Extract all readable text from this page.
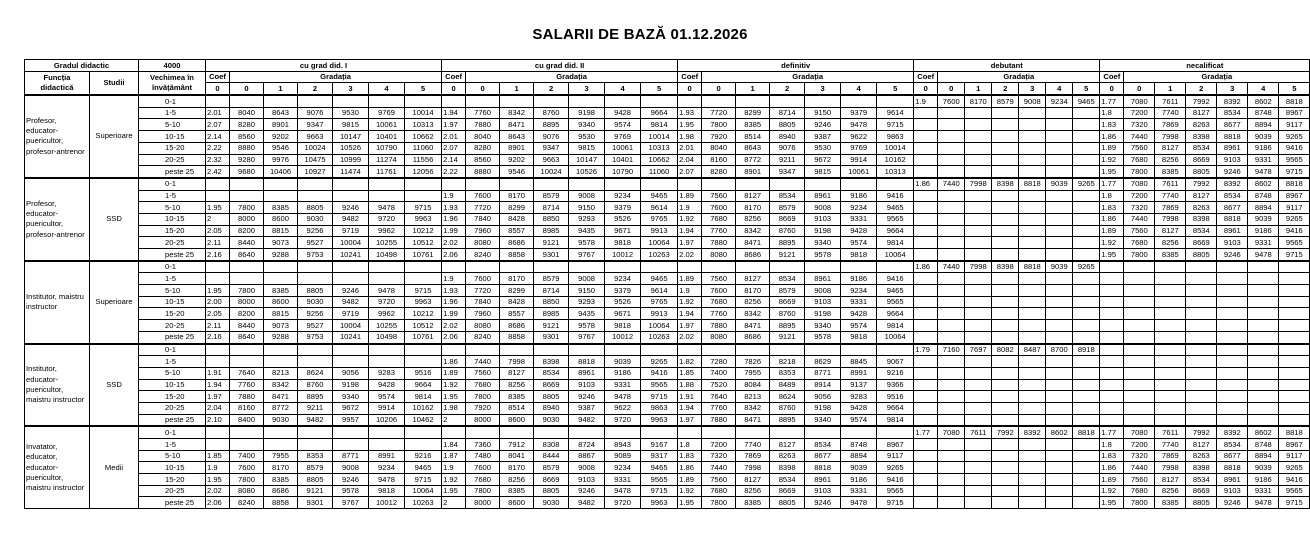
SALARII DE BAZĂ 01.12.2026
Gradul didactic		4000	cu grad did. I							cu grad did. II							definitiv							debutant							necalificat						
Funcția didactică	Studii	Vechimea în învățământ	Coef	Gradația						Coef	Gradația						Coef	Gradația						Coef	Gradația						Coef	Gradația					
			0	0	1	2	3	4	5	0	0	1	2	3	4	5	0	0	1	2	3	4	5	0	0	1	2	3	4	5	0	0	1	2	3	4	5
Profesor, educator-puericultor, profesor-antrenor	Superioare	0-1																						1.9	7600	8170	8579	9008	9234	9465	1.77	7080	7611	7992	8392	8602	8818
		1-5	2.01	8040	8643	9076	9530	9769	10014	1.94	7760	8342	8760	9198	9428	9664	1.93	7720	8299	8714	9150	9379	9614								1.8	7200	7740	8127	8534	8748	8967
		5-10	2.07	8280	8901	9347	9815	10061	10313	1.97	7880	8471	8895	9340	9574	9814	1.95	7800	8385	8805	9246	9478	9715								1.83	7320	7869	8263	8677	8894	9117
		10-15	2.14	8560	9202	9663	10147	10401	10662	2.01	8040	8643	9076	9530	9769	10014	1.98	7920	8514	8940	9387	9622	9863								1.86	7440	7998	8398	8818	9039	9265
		15-20	2.22	8880	9546	10024	10526	10790	11060	2.07	8280	8901	9347	9815	10061	10313	2.01	8040	8643	9076	9530	9769	10014								1.89	7560	8127	8534	8961	9186	9416
		20-25	2.32	9280	9976	10475	10999	11274	11556	2.14	8560	9202	9663	10147	10401	10662	2.04	8160	8772	9211	9672	9914	10162								1.92	7680	8256	8669	9103	9331	9565
		peste 25	2.42	9680	10406	10927	11474	11761	12056	2.22	8880	9546	10024	10526	10790	11060	2.07	8280	8901	9347	9815	10061	10313								1.95	7800	8385	8805	9246	9478	9715
Profesor, educator-puericultor, profesor-antrenor	SSD	0-1																						1.86	7440	7998	8398	8818	9039	9265	1.77	7080	7611	7992	8392	8602	8818
		1-5								1.9	7600	8170	8579	9008	9234	9465	1.89	7560	8127	8534	8961	9186	9416								1.8	7200	7740	8127	8534	8748	8967
		5-10	1.95	7800	8385	8805	9246	9478	9715	1.93	7720	8299	8714	9150	9379	9614	1.9	7600	8170	8579	9008	9234	9465								1.83	7320	7869	8263	8677	8894	9117
		10-15	2	8000	8600	9030	9482	9720	9963	1.96	7840	8428	8850	9293	9526	9765	1.92	7680	8256	8669	9103	9331	9565								1.86	7440	7998	8398	8818	9039	9265
		15-20	2.05	8200	8815	9256	9719	9962	10212	1.99	7960	8557	8985	9435	9671	9913	1.94	7760	8342	8760	9198	9428	9664								1.89	7560	8127	8534	8961	9186	9416
		20-25	2.11	8440	9073	9527	10004	10255	10512	2.02	8080	8686	9121	9578	9818	10064	1.97	7880	8471	8895	9340	9574	9814								1.92	7680	8256	8669	9103	9331	9565
		peste 25	2.16	8640	9288	9753	10241	10498	10761	2.06	8240	8858	9301	9767	10012	10263	2.02	8080	8686	9121	9578	9818	10064								1.95	7800	8385	8805	9246	9478	9715
Institutor, maistru instructor	Superioare	0-1																						1.86	7440	7998	8398	8818	9039	9265							
		1-5								1.9	7600	8170	8579	9008	9234	9465	1.89	7560	8127	8534	8961	9186	9416														
		5-10	1.95	7800	8385	8805	9246	9478	9715	1.93	7720	8299	8714	9150	9379	9614	1.9	7600	8170	8579	9008	9234	9465														
		10-15	2.00	8000	8600	9030	9482	9720	9963	1.96	7840	8428	8850	9293	9526	9765	1.92	7680	8256	8669	9103	9331	9565														
		15-20	2.05	8200	8815	9256	9719	9962	10212	1.99	7960	8557	8985	9435	9671	9913	1.94	7760	8342	8760	9198	9428	9664														
		20-25	2.11	8440	9073	9527	10004	10255	10512	2.02	8080	8686	9121	9578	9818	10064	1.97	7880	8471	8895	9340	9574	9814														
		peste 25	2.16	8640	9288	9753	10241	10498	10761	2.06	8240	8858	9301	9767	10012	10263	2.02	8080	8686	9121	9578	9818	10064														
Institutor, educator-puericultor, maistru instructor	SSD	0-1																						1.79	7160	7697	8082	8487	8700	8918							
		1-5								1.86	7440	7998	8398	8818	9039	9265	1.82	7280	7826	8218	8629	8845	9067														
		5-10	1.91	7640	8213	8624	9056	9283	9516	1.89	7560	8127	8534	8961	9186	9416	1.85	7400	7955	8353	8771	8991	9216														
		10-15	1.94	7760	8342	8760	9198	9428	9664	1.92	7680	8256	8669	9103	9331	9565	1.88	7520	8084	8489	8914	9137	9366														
		15-20	1.97	7880	8471	8895	9340	9574	9814	1.95	7800	8385	8805	9246	9478	9715	1.91	7640	8213	8624	9056	9283	9516														
		20-25	2.04	8160	8772	9211	9672	9914	10162	1.98	7920	8514	8940	9387	9622	9863	1.94	7760	8342	8760	9198	9428	9664														
		peste 25	2.10	8400	9030	9482	9957	10206	10462	2	8000	8600	9030	9482	9720	9963	1.97	7880	8471	8895	9340	9574	9814														
Invatator, educator, educator-puericultor, maistru instructor	Medii	0-1																						1.77	7080	7611	7992	8392	8602	8818	1.77	7080	7611	7992	8392	8602	8818
		1-5								1.84	7360	7912	8308	8724	8943	9167	1.8	7200	7740	8127	8534	8748	8967								1.8	7200	7740	8127	8534	8748	8967
		5-10	1.85	7400	7955	8353	8771	8991	9216	1.87	7480	8041	8444	8867	9089	9317	1.83	7320	7869	8263	8677	8894	9117								1.83	7320	7869	8263	8677	8894	9117
		10-15	1.9	7600	8170	8579	9008	9234	9465	1.9	7600	8170	8579	9008	9234	9465	1.86	7440	7998	8398	8818	9039	9265								1.86	7440	7998	8398	8818	9039	9265
		15-20	1.95	7800	8385	8805	9246	9478	9715	1.92	7680	8256	8669	9103	9331	9565	1.89	7560	8127	8534	8961	9186	9416								1.89	7560	8127	8534	8961	9186	9416
		20-25	2.02	8080	8686	9121	9578	9818	10064	1.95	7800	8385	8805	9246	9478	9715	1.92	7680	8256	8669	9103	9331	9565								1.92	7680	8256	8669	9103	9331	9565
		peste 25	2.06	8240	8858	9301	9767	10012	10263	2	8000	8600	9030	9482	9720	9963	1.95	7800	8385	8805	9246	9478	9715								1.95	7800	8385	8805	9246	9478	9715
